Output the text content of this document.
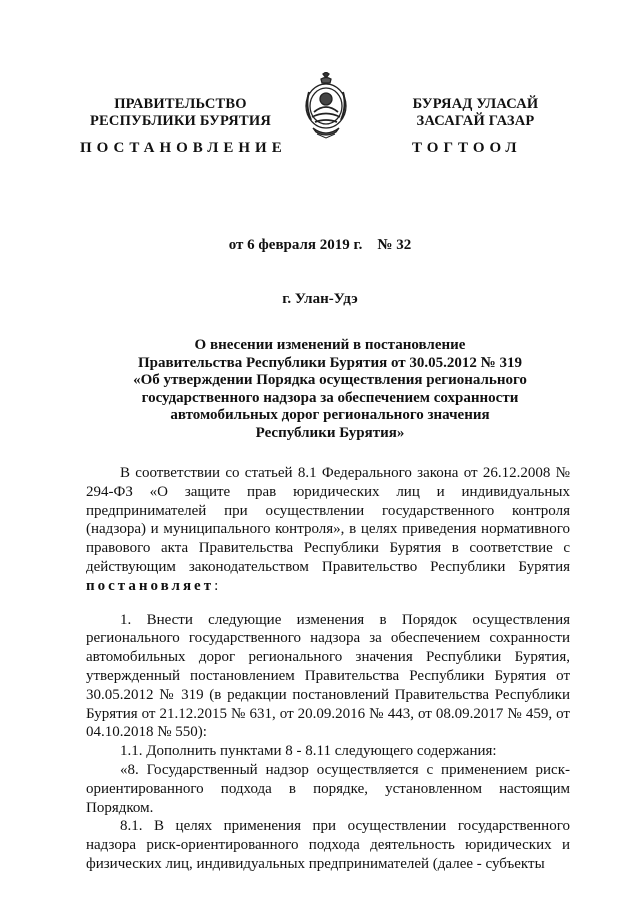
ПРАВИТЕЛЬСТВО
РЕСПУБЛИКИ БУРЯТИЯ
БУРЯАД УЛАСАЙ
ЗАСАГАЙ ГАЗАР
ПОСТАНОВЛЕНИЕ	ТОГТООЛ
от 6 февраля 2019 г. № 32
г. Улан-Удэ
О внесении изменений в постановление
Правительства Республики Бурятия от 30.05.2012 № 319
«Об утверждении Порядка осуществления регионального
государственного надзора за обеспечением сохранности
автомобильных дорог регионального значения
Республики Бурятия»

В соответствии со статьей 8.1 Федерального закона от 26.12.2008 № 294-ФЗ «О защите прав юридических лиц и индивидуальных предпринимателей при осуществлении государственного контроля (надзора) и муниципального контроля», в целях приведения нормативного правового акта Правительства Республики Бурятия в соответствие с действующим законодательством Правительство Республики Бурятия постановляет:

1. Внести следующие изменения в Порядок осуществления регионального государственного надзора за обеспечением сохранности автомобильных дорог регионального значения Республики Бурятия, утвержденный постановлением Правительства Республики Бурятия от 30.05.2012 № 319 (в редакции постановлений Правительства Республики Бурятия от 21.12.2015 № 631, от 20.09.2016 № 443, от 08.09.2017 № 459, от 04.10.2018 № 550):

1.1. Дополнить пунктами 8 - 8.11 следующего содержания:

«8. Государственный надзор осуществляется с применением риск-ориентированного подхода в порядке, установленном настоящим Порядком.

8.1. В целях применения при осуществлении государственного надзора риск-ориентированного подхода деятельность юридических и физических лиц, индивидуальных предпринимателей (далее - субъекты
